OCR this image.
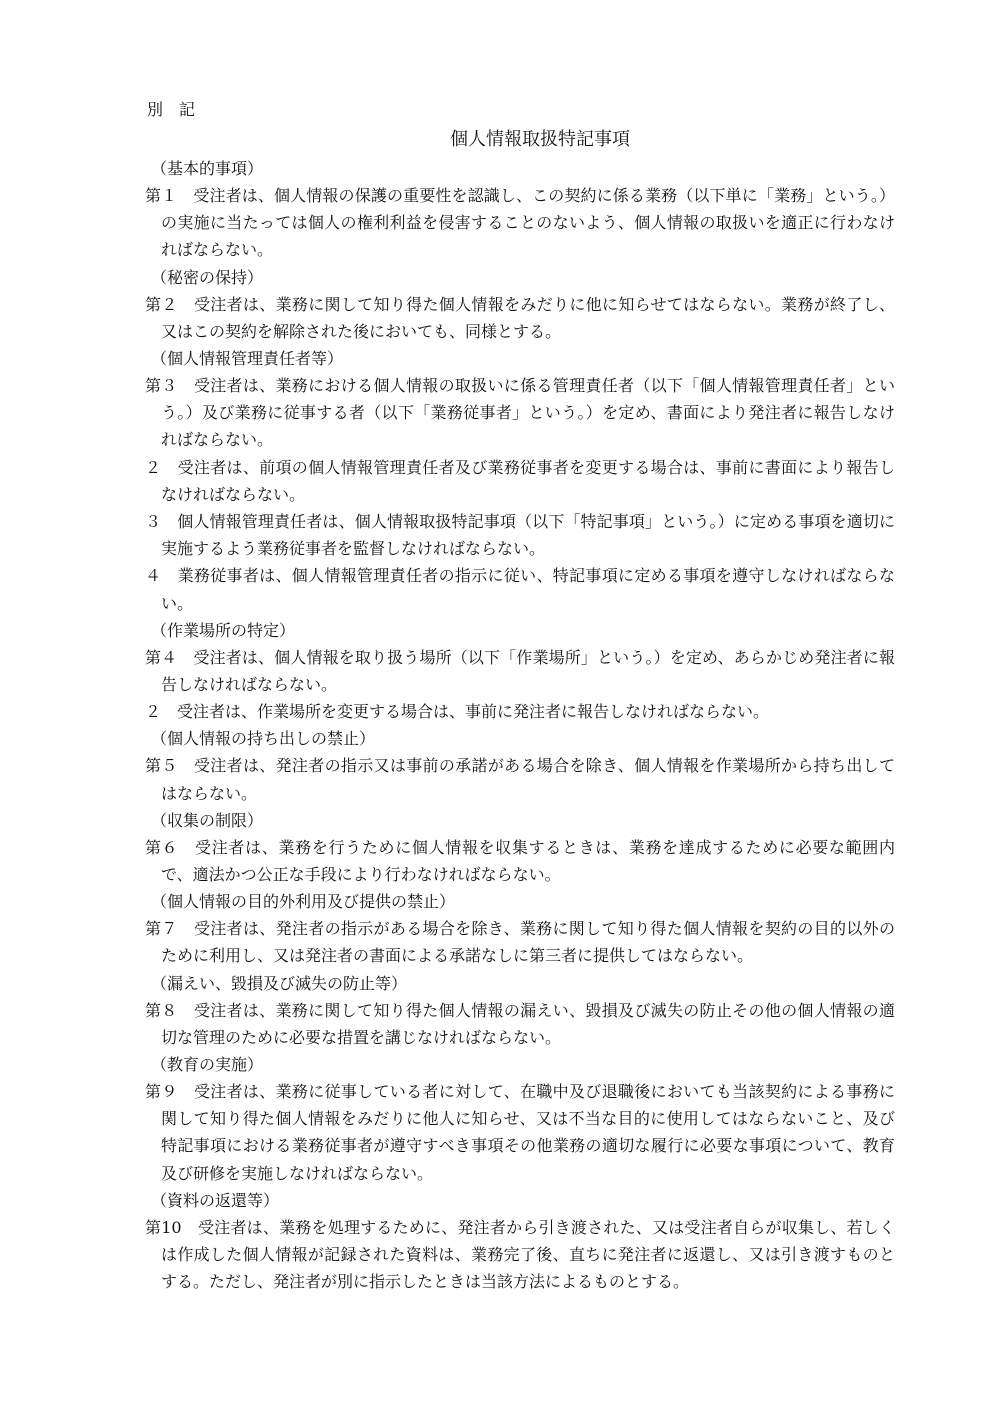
別　記
個人情報取扱特記事項
（基本的事項）
第１　受注者は、個人情報の保護の重要性を認識し、この契約に係る業務（以下単に「業務」という。）の実施に当たっては個人の権利利益を侵害することのないよう、個人情報の取扱いを適正に行わなければならない。
（秘密の保持）
第２　受注者は、業務に関して知り得た個人情報をみだりに他に知らせてはならない。業務が終了し、又はこの契約を解除された後においても、同様とする。
（個人情報管理責任者等）
第３　受注者は、業務における個人情報の取扱いに係る管理責任者（以下「個人情報管理責任者」という。）及び業務に従事する者（以下「業務従事者」という。）を定め、書面により発注者に報告しなければならない。
２　受注者は、前項の個人情報管理責任者及び業務従事者を変更する場合は、事前に書面により報告しなければならない。
３　個人情報管理責任者は、個人情報取扱特記事項（以下「特記事項」という。）に定める事項を適切に実施するよう業務従事者を監督しなければならない。
４　業務従事者は、個人情報管理責任者の指示に従い、特記事項に定める事項を遵守しなければならない。
（作業場所の特定）
第４　受注者は、個人情報を取り扱う場所（以下「作業場所」という。）を定め、あらかじめ発注者に報告しなければならない。
２　受注者は、作業場所を変更する場合は、事前に発注者に報告しなければならない。
（個人情報の持ち出しの禁止）
第５　受注者は、発注者の指示又は事前の承諾がある場合を除き、個人情報を作業場所から持ち出してはならない。
（収集の制限）
第６　受注者は、業務を行うために個人情報を収集するときは、業務を達成するために必要な範囲内で、適法かつ公正な手段により行わなければならない。
（個人情報の目的外利用及び提供の禁止）
第７　受注者は、発注者の指示がある場合を除き、業務に関して知り得た個人情報を契約の目的以外のために利用し、又は発注者の書面による承諾なしに第三者に提供してはならない。
（漏えい、毀損及び滅失の防止等）
第８　受注者は、業務に関して知り得た個人情報の漏えい、毀損及び滅失の防止その他の個人情報の適切な管理のために必要な措置を講じなければならない。
（教育の実施）
第９　受注者は、業務に従事している者に対して、在職中及び退職後においても当該契約による事務に関して知り得た個人情報をみだりに他人に知らせ、又は不当な目的に使用してはならないこと、及び特記事項における業務従事者が遵守すべき事項その他業務の適切な履行に必要な事項について、教育及び研修を実施しなければならない。
（資料の返還等）
第10　受注者は、業務を処理するために、発注者から引き渡された、又は受注者自らが収集し、若しくは作成した個人情報が記録された資料は、業務完了後、直ちに発注者に返還し、又は引き渡すものとする。ただし、発注者が別に指示したときは当該方法によるものとする。
